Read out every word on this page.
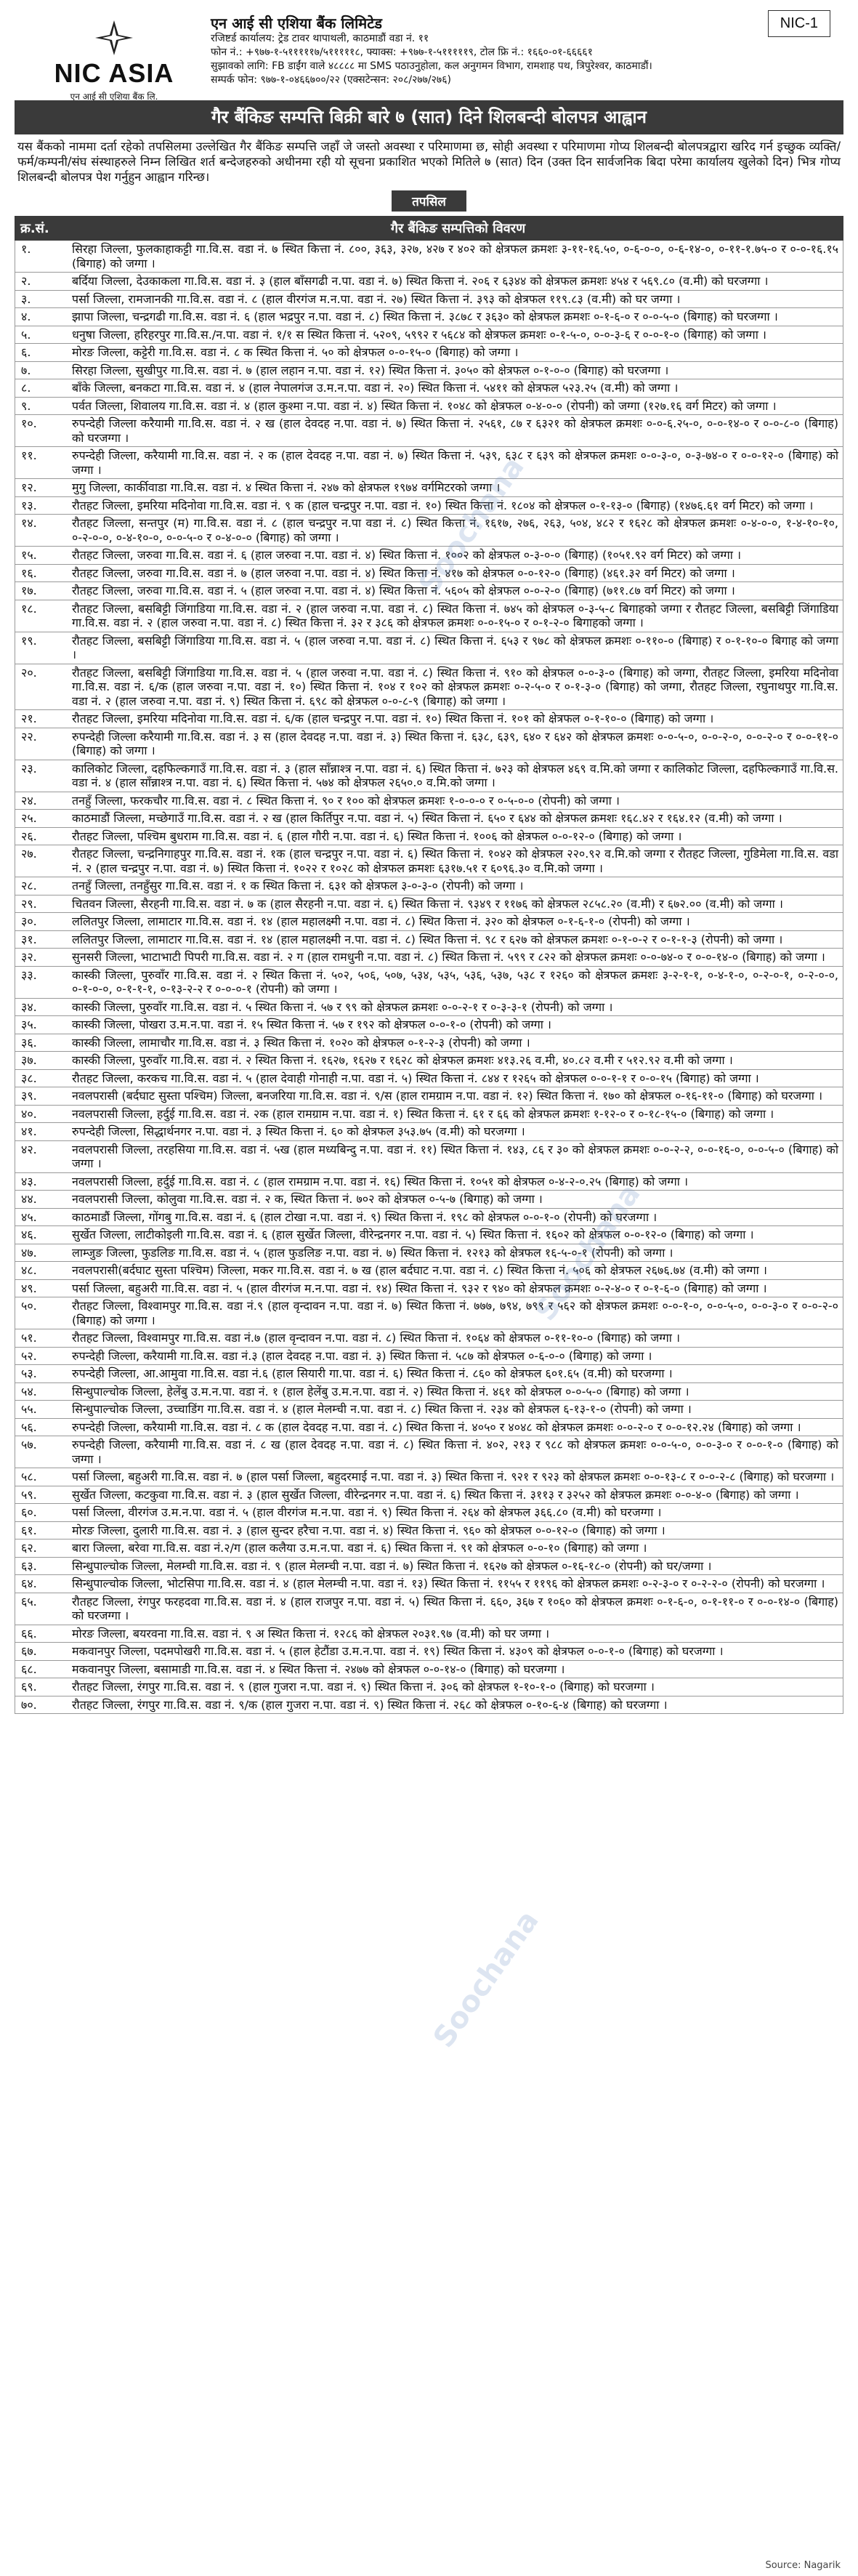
NIC ASIA
एन आई सी एशिया बैंक लि.
एन आई सी एशिया बैंक लिमिटेड
रजिष्टर्ड कार्यालय: ट्रेड टावर थापाथली, काठमाडौं वडा नं. ११
फोन नं.: +९७७-१-५१११११७/५१११११८, फ्याक्स: +९७७-१-५१११११९, टोल फ्रि नं.: १६६०-०१-६६६६१
सुझावको लागि: FB डाईंग वाले ४८८८८ मा SMS पठाउनुहोला, कल अनुगमन विभाग, रामशाह पथ, त्रिपुरेश्वर, काठमाडौं।
सम्पर्क फोन: ९७७-१-०४६६७००/२२ (एक्सटेन्सन: २०८/२७७/२७६)
NIC-1
गैर बैंकिङ सम्पत्ति बिक्री बारे ७ (सात) दिने शिलबन्दी बोलपत्र आह्वान
यस बैंकको नाममा दर्ता रहेको तपसिलमा उल्लेखित गैर बैंकिङ सम्पत्ति जहाँ जे जस्तो अवस्था र परिमाणमा छ, सोही अवस्था र परिमाणमा गोप्य शिलबन्दी बोलपत्रद्वारा खरिद गर्न इच्छुक व्यक्ति/फर्म/कम्पनी/संघ संस्थाहरुले निम्न लिखित शर्त बन्देजहरुको अधीनमा रही यो सूचना प्रकाशित भएको मितिले ७ (सात) दिन (उक्त दिन सार्वजनिक बिदा परेमा कार्यालय खुलेको दिन) भित्र गोप्य शिलबन्दी बोलपत्र पेश गर्नुहुन आह्वान गरिन्छ।
तपसिल
क्र.सं.	गैर बैंकिङ सम्पत्तिको विवरण
१.	सिरहा जिल्ला, फुलकाहाकट्टी गा.वि.स. वडा नं. ७ स्थित कित्ता नं. ८००, ३६३, ३२७, ४२७ र ४०२ को क्षेत्रफल क्रमशः ३-११-१६.५०, ०-६-०-०, ०-६-१४-०, ०-११-१.७५-० र ०-०-१६.१५ (बिगाह) को जग्गा ।
२.	बर्दिया जिल्ला, देउकाकला गा.वि.स. वडा नं. ३ (हाल बाँसगढी न.पा. वडा नं. ७) स्थित कित्ता नं. २०६ र ६३४४ को क्षेत्रफल क्रमशः ४५४ र ५६९.८० (व.मी) को घरजग्गा ।
३.	पर्सा जिल्ला, रामजानकी गा.वि.स. वडा नं. ८ (हाल वीरगंज म.न.पा. वडा नं. २७) स्थित कित्ता नं. ३९३ को क्षेत्रफल ११९.८३ (व.मी) को घर जग्गा ।
४.	झापा जिल्ला, चन्द्रगढी गा.वि.स. वडा नं. ६ (हाल भद्रपुर न.पा. वडा नं. ८) स्थित कित्ता नं. ३८७८ र ३६३० को क्षेत्रफल क्रमशः ०-१-६-० र ०-०-५-० (बिगाह) को घरजग्गा ।
५.	धनुषा जिल्ला, हरिहरपुर गा.वि.स./न.पा. वडा नं. १/१ स स्थित कित्ता नं. ५२०९, ५९९२ र ५६८४ को क्षेत्रफल क्रमशः ०-१-५-०, ०-०-३-६ र ०-०-१-० (बिगाह) को जग्गा ।
६.	मोरङ जिल्ला, कट्टेरी गा.वि.स. वडा नं. ८ क स्थित कित्ता नं. ५० को क्षेत्रफल ०-०-१५-० (बिगाह) को जग्गा ।
७.	सिरहा जिल्ला, सुखीपुर गा.वि.स. वडा नं. ७ (हाल लहान न.पा. वडा नं. १२) स्थित कित्ता नं. ३०५० को क्षेत्रफल ०-१-०-० (बिगाह) को घरजग्गा ।
८.	बाँके जिल्ला, बनकटा गा.वि.स. वडा नं. ४ (हाल नेपालगंज उ.म.न.पा. वडा नं. २०) स्थित कित्ता नं. ५४११ को क्षेत्रफल ५२३.२५ (व.मी) को जग्गा ।
९.	पर्वत जिल्ला, शिवालय गा.वि.स. वडा नं. ४ (हाल कुश्मा न.पा. वडा नं. ४) स्थित कित्ता नं. १०४८ को क्षेत्रफल ०-४-०-० (रोपनी) को जग्गा (१२७.१६ वर्ग मिटर) को जग्गा ।
१०.	रुपन्देही जिल्ला करैयामी गा.वि.स. वडा नं. २ ख (हाल देवदह न.पा. वडा नं. ७) स्थित कित्ता नं. २५६१, ८७ र ६३२१ को क्षेत्रफल क्रमशः ०-०-६.२५-०, ०-०-१४-० र ०-०-८-० (बिगाह) को घरजग्गा ।
११.	रुपन्देही जिल्ला, करैयामी गा.वि.स. वडा नं. २ क (हाल देवदह न.पा. वडा नं. ७) स्थित कित्ता नं. ५३९, ६३८ र ६३९ को क्षेत्रफल क्रमशः ०-०-३-०, ०-३-७४-० र ०-०-१२-० (बिगाह) को जग्गा ।
१२.	मुगु जिल्ला, कार्कीवाडा गा.वि.स. वडा नं. ४ स्थित कित्ता नं. २४७ को क्षेत्रफल १९७४ वर्गमिटरको जग्गा ।
१३.	रौतहट जिल्ला, इमरिया मदिनोवा गा.वि.स. वडा नं. ९ क (हाल चन्द्रपुर न.पा. वडा नं. १०) स्थित कित्ता नं. १८०४ को क्षेत्रफल ०-१-१३-० (बिगाह) (१४७६.६१ वर्ग मिटर) को जग्गा ।
१४.	रौतहट जिल्ला, सन्तपुर (म) गा.वि.स. वडा नं. ८ (हाल चन्द्रपुर न.पा वडा नं. ८) स्थित कित्ता नं. १६१७, २७६, २६३, ५०४, ४८२ र १६२८ को क्षेत्रफल क्रमशः ०-४-०-०, १-४-१०-१०, ०-२-०-०, ०-४-१०-०, ०-०-५-० र ०-४-०-० (बिगाह) को जग्गा ।
१५.	रौतहट जिल्ला, जरुवा गा.वि.स. वडा नं. ६ (हाल जरुवा न.पा. वडा नं. ४) स्थित कित्ता नं. १००२ को क्षेत्रफल ०-३-०-० (बिगाह) (१०५१.९२ वर्ग मिटर) को जग्गा ।
१६.	रौतहट जिल्ला, जरुवा गा.वि.स. वडा नं. ७ (हाल जरुवा न.पा. वडा नं. ४) स्थित कित्ता नं. ४१७ को क्षेत्रफल ०-०-१२-० (बिगाह) (४६१.३२ वर्ग मिटर) को जग्गा ।
१७.	रौतहट जिल्ला, जरुवा गा.वि.स. वडा नं. ५ (हाल जरुवा न.पा. वडा नं. ४) स्थित कित्ता नं. ५६०५ को क्षेत्रफल ०-०-२-० (बिगाह) (७११.८७ वर्ग मिटर) को जग्गा ।
१८.	रौतहट जिल्ला, बसबिट्टी जिंगाडिया गा.वि.स. वडा नं. २ (हाल जरुवा न.पा. वडा नं. ८) स्थित कित्ता नं. ७४५ को क्षेत्रफल ०-३-५-८ बिगाहको जग्गा र रौतहट जिल्ला, बसबिट्टी जिंगाडिया गा.वि.स. वडा नं. २ (हाल जरुवा न.पा. वडा नं. ८) स्थित कित्ता नं. ३२ र ३८६ को क्षेत्रफल क्रमशः ०-०-१५-० र ०-१-२-० बिगाहको जग्गा ।
१९.	रौतहट जिल्ला, बसबिट्टी जिंगाडिया गा.वि.स. वडा नं. ५ (हाल जरुवा न.पा. वडा नं. ८) स्थित कित्ता नं. ६५३ र ९७८ को क्षेत्रफल क्रमशः ०-११०-० (बिगाह) र ०-१-१०-० बिगाह को जग्गा ।
२०.	रौतहट जिल्ला, बसबिट्टी जिंगाडिया गा.वि.स. वडा नं. ५ (हाल जरुवा न.पा. वडा नं. ८) स्थित कित्ता नं. ९१० को क्षेत्रफल ०-०-३-० (बिगाह) को जग्गा, रौतहट जिल्ला, इमरिया मदिनोवा गा.वि.स. वडा नं. ६/क (हाल जरुवा न.पा. वडा नं. १०) स्थित कित्ता नं. १०४ र १०२ को क्षेत्रफल क्रमशः ०-२-५-० र ०-१-३-० (बिगाह) को जग्गा, रौतहट जिल्ला, रघुनाथपुर गा.वि.स. वडा नं. २ (हाल जरुवा न.पा. वडा नं. ९) स्थित कित्ता नं. ६९८ को क्षेत्रफल ०-०-८-९ (बिगाह) को जग्गा ।
२१.	रौतहट जिल्ला, इमरिया मदिनोवा गा.वि.स. वडा नं. ६/क (हाल चन्द्रपुर न.पा. वडा नं. १०) स्थित कित्ता नं. १०१ को क्षेत्रफल ०-१-१०-० (बिगाह) को जग्गा ।
२२.	रुपन्देही जिल्ला करैयामी गा.वि.स. वडा नं. ३ स (हाल देवदह न.पा. वडा नं. ३) स्थित कित्ता नं. ६३८, ६३९, ६४० र ६४२ को क्षेत्रफल क्रमशः ०-०-५-०, ०-०-२-०, ०-०-२-० र ०-०-११-० (बिगाह) को जग्गा ।
२३.	कालिकोट जिल्ला, दहफिल्कगाउँ गा.वि.स. वडा नं. ३ (हाल साँन्नाश्त्र न.पा. वडा नं. ६) स्थित कित्ता नं. ७२३ को क्षेत्रफल ४६९ व.मि.को जग्गा र कालिकोट जिल्ला, दहफिल्कगाउँ गा.वि.स. वडा नं. ४ (हाल साँन्नाश्त्र न.पा. वडा नं. ६) स्थित कित्ता नं. ५७४ को क्षेत्रफल २६५०.० व.मि.को जग्गा ।
२४.	तनहुँ जिल्ला, फरकचौर गा.वि.स. वडा नं. ८ स्थित कित्ता नं. ९० र १०० को क्षेत्रफल क्रमशः १-०-०-० र ०-५-०-० (रोपनी) को जग्गा ।
२५.	काठमाडौं जिल्ला, मच्छेगाउँ गा.वि.स. वडा नं. २ ख (हाल किर्तिपुर न.पा. वडा नं. ५) स्थित कित्ता नं. ६५० र ६४४ को क्षेत्रफल क्रमशः १६८.४२ र १६४.१२ (व.मी) को जग्गा ।
२६.	रौतहट जिल्ला, पश्चिम बुधराम गा.वि.स. वडा नं. ६ (हाल गौरी न.पा. वडा नं. ६) स्थित कित्ता नं. १००६ को क्षेत्रफल ०-०-१२-० (बिगाह) को जग्गा ।
२७.	रौतहट जिल्ला, चन्द्रनिगाहपुर गा.वि.स. वडा नं. १क (हाल चन्द्रपुर न.पा. वडा नं. ६) स्थित कित्ता नं. १०४२ को क्षेत्रफल २२०.९२ व.मि.को जग्गा र रौतहट जिल्ला, गुडिमेला गा.वि.स. वडा नं. २ (हाल चन्द्रपुर न.पा. वडा नं. ७) स्थित कित्ता नं. १०२२ र १०२८ को क्षेत्रफल क्रमशः ६३१७.५१ र ६०९६.३० व.मि.को जग्गा ।
२८.	तनहुँ जिल्ला, तनहुँसुर गा.वि.स. वडा नं. १ क स्थित कित्ता नं. ६३१ को क्षेत्रफल ३-०-३-० (रोपनी) को जग्गा ।
२९.	चितवन जिल्ला, सैरहनी गा.वि.स. वडा नं. ७ क (हाल सैरहनी न.पा. वडा नं. ६) स्थित कित्ता नं. ९३४९ र ११७६ को क्षेत्रफल २८५८.२० (व.मी) र ६७२.०० (व.मी) को जग्गा ।
३०.	ललितपुर जिल्ला, लामाटार गा.वि.स. वडा नं. १४ (हाल महालक्ष्मी न.पा. वडा नं. ८) स्थित कित्ता नं. ३२० को क्षेत्रफल ०-१-६-१-० (रोपनी) को जग्गा ।
३१.	ललितपुर जिल्ला, लामाटार गा.वि.स. वडा नं. १४ (हाल महालक्ष्मी न.पा. वडा नं. ८) स्थित कित्ता नं. ९८ र ६२७ को क्षेत्रफल क्रमशः ०-१-०-२ र ०-१-१-३ (रोपनी) को जग्गा ।
३२.	सुनसरी जिल्ला, भाटाभाटी पिपरी गा.वि.स. वडा नं. २ ग (हाल रामधुनी न.पा. वडा नं. ८) स्थित कित्ता नं. ५९९ र ८२२ को क्षेत्रफल क्रमशः ०-०-७४-० र ०-०-१४-० (बिगाह) को जग्गा ।
३३.	कास्की जिल्ला, पुरुवाँर गा.वि.स. वडा नं. २ स्थित कित्ता नं. ५०२, ५०६, ५०७, ५३४, ५३५, ५३६, ५३७, ५३८ र १२६० को क्षेत्रफल क्रमशः ३-२-१-१, ०-४-१-०, ०-२-०-१, ०-२-०-०, ०-१-०-०, ०-१-१-१, ०-१३-२-२ र ०-०-०-१ (रोपनी) को जग्गा ।
३४.	कास्की जिल्ला, पुरुवाँर गा.वि.स. वडा नं. ५ स्थित कित्ता नं. ५७ र ९९ को क्षेत्रफल क्रमशः ०-०-२-१ र ०-३-३-१ (रोपनी) को जग्गा ।
३५.	कास्की जिल्ला, पोखरा उ.म.न.पा. वडा नं. १५ स्थित कित्ता नं. ५७ र १९२ को क्षेत्रफल ०-०-१-० (रोपनी) को जग्गा ।
३६.	कास्की जिल्ला, लामाचौर गा.वि.स. वडा नं. ३ स्थित कित्ता नं. १०२० को क्षेत्रफल ०-१-२-३ (रोपनी) को जग्गा ।
३७.	कास्की जिल्ला, पुरुवाँर गा.वि.स. वडा नं. २ स्थित कित्ता नं. १६२७, १६२७ र १६२८ को क्षेत्रफल क्रमशः ४१३.२६ व.मी, ४०.८२ व.मी र ५१२.९२ व.मी को जग्गा ।
३८.	रौतहट जिल्ला, करकच गा.वि.स. वडा नं. ५ (हाल देवाही गोनाही न.पा. वडा नं. ५) स्थित कित्ता नं. ८४४ र १२६५ को क्षेत्रफल ०-०-१-१ र ०-०-१५ (बिगाह) को जग्गा ।
३९.	नवलपरासी (बर्दघाट सुस्ता पश्चिम) जिल्ला, बनजरिया गा.वि.स. वडा नं. ९/स (हाल रामग्राम न.पा. वडा नं. १२) स्थित कित्ता नं. १७० को क्षेत्रफल ०-१६-११-० (बिगाह) को घरजग्गा ।
४०.	नवलपरासी जिल्ला, हर्दुई गा.वि.स. वडा नं. २क (हाल रामग्राम न.पा. वडा नं. १) स्थित कित्ता नं. ६१ र ६६ को क्षेत्रफल क्रमशः १-१२-० र ०-१८-१५-० (बिगाह) को जग्गा ।
४१.	रुपन्देही जिल्ला, सिद्धार्थनगर न.पा. वडा नं. ३ स्थित कित्ता नं. ६० को क्षेत्रफल ३५३.७५ (व.मी) को घरजग्गा ।
४२.	नवलपरासी जिल्ला, तरहसिया गा.वि.स. वडा नं. ५ख (हाल मध्यबिन्दु न.पा. वडा नं. ११) स्थित कित्ता नं. १४३, ८६ र ३० को क्षेत्रफल क्रमशः ०-०-२-२, ०-०-१६-०, ०-०-५-० (बिगाह) को जग्गा ।
४३.	नवलपरासी जिल्ला, हर्दुई गा.वि.स. वडा नं. ८ (हाल रामग्राम न.पा. वडा नं. १६) स्थित कित्ता नं. १०५१ को क्षेत्रफल ०-४-२-०.२५ (बिगाह) को जग्गा ।
४४.	नवलपरासी जिल्ला, कोलुवा गा.वि.स. वडा नं. २ क, स्थित कित्ता नं. ७०२ को क्षेत्रफल ०-५-७ (बिगाह) को जग्गा ।
४५.	काठमाडौं जिल्ला, गोंगबु गा.वि.स. वडा नं. ६ (हाल टोखा न.पा. वडा नं. ९) स्थित कित्ता नं. १९८ को क्षेत्रफल ०-०-१-० (रोपनी) को घरजग्गा ।
४६.	सुर्खेत जिल्ला, लाटीकोइली गा.वि.स. वडा नं. ६ (हाल सुर्खेत जिल्ला, वीरेन्द्रनगर न.पा. वडा नं. ५) स्थित कित्ता नं. १६०२ को क्षेत्रफल ०-०-१२-० (बिगाह) को जग्गा ।
४७.	लाम्जुङ जिल्ला, फुडलिङ गा.वि.स. वडा नं. ५ (हाल फुडलिङ न.पा. वडा नं. ७) स्थित कित्ता नं. १२१३ को क्षेत्रफल १६-५-०-१ (रोपनी) को जग्गा ।
४८.	नवलपरासी(बर्दघाट सुस्ता पश्चिम) जिल्ला, मकर गा.वि.स. वडा नं. ७ ख (हाल बर्दघाट न.पा. वडा नं. ८) स्थित कित्ता नं. ५०६ को क्षेत्रफल २६७६.७४ (व.मी) को जग्गा ।
४९.	पर्सा जिल्ला, बहुअरी गा.वि.स. वडा नं. ५ (हाल वीरगंज म.न.पा. वडा नं. १४) स्थित कित्ता नं. ९३२ र ९४० को क्षेत्रफल क्रमशः ०-२-४-० र ०-१-६-० (बिगाह) को जग्गा ।
५०.	रौतहट जिल्ला, विश्वामपुर गा.वि.स. वडा नं.९ (हाल वृन्दावन न.पा. वडा नं. ७) स्थित कित्ता नं. ७७७, ७९४, ७९९ र ५६२ को क्षेत्रफल क्रमशः ०-०-१-०, ०-०-५-०, ०-०-३-० र ०-०-२-० (बिगाह) को जग्गा ।
५१.	रौतहट जिल्ला, विश्वामपुर गा.वि.स. वडा नं.७ (हाल वृन्दावन न.पा. वडा नं. ८) स्थित कित्ता नं. १०६४ को क्षेत्रफल ०-११-१०-० (बिगाह) को जग्गा ।
५२.	रुपन्देही जिल्ला, करैयामी गा.वि.स. वडा नं.३ (हाल देवदह न.पा. वडा नं. ३) स्थित कित्ता नं. ५८७ को क्षेत्रफल ०-६-०-० (बिगाह) को जग्गा ।
५३.	रुपन्देही जिल्ला, आ.आमुवा गा.वि.स. वडा नं.६ (हाल सियारी गा.पा. वडा नं. ६) स्थित कित्ता नं. ८६० को क्षेत्रफल ६०१.६५ (व.मी) को घरजग्गा ।
५४.	सिन्धुपाल्चोक जिल्ला, हेलेंबु उ.म.न.पा. वडा नं. १ (हाल हेलेंबु उ.म.न.पा. वडा नं. २) स्थित कित्ता नं. ४६१ को क्षेत्रफल ०-०-५-० (बिगाह) को जग्गा ।
५५.	सिन्धुपाल्चोक जिल्ला, उच्चाडिंग गा.वि.स. वडा नं. ४ (हाल मेलम्ची न.पा. वडा नं. ८) स्थित कित्ता नं. २३४ को क्षेत्रफल ६-१३-१-० (रोपनी) को जग्गा ।
५६.	रुपन्देही जिल्ला, करैयामी गा.वि.स. वडा नं. ८ क (हाल देवदह न.पा. वडा नं. ८) स्थित कित्ता नं. ४०५० र ४०४८ को क्षेत्रफल क्रमशः ०-०-२-० र ०-०-१२.२४ (बिगाह) को जग्गा ।
५७.	रुपन्देही जिल्ला, करैयामी गा.वि.स. वडा नं. ८ ख (हाल देवदह न.पा. वडा नं. ८) स्थित कित्ता नं. ४०२, २१३ र ९८८ को क्षेत्रफल क्रमशः ०-०-५-०, ०-०-३-० र ०-०-१-० (बिगाह) को जग्गा ।
५८.	पर्सा जिल्ला, बहुअरी गा.वि.स. वडा नं. ७ (हाल पर्सा जिल्ला, बहुदरमाई न.पा. वडा नं. ३) स्थित कित्ता नं. ९२१ र ९२३ को क्षेत्रफल क्रमशः ०-०-१३-८ र ०-०-२-८ (बिगाह) को घरजग्गा ।
५९.	सुर्खेत जिल्ला, कटकुवा गा.वि.स. वडा नं. ३ (हाल सुर्खेत जिल्ला, वीरेन्द्रनगर न.पा. वडा नं. ६) स्थित कित्ता नं. ३११३ र ३२५२ को क्षेत्रफल क्रमशः ०-०-४-० (बिगाह) को जग्गा ।
६०.	पर्सा जिल्ला, वीरगंज उ.म.न.पा. वडा नं. ५ (हाल वीरगंज म.न.पा. वडा नं. ९) स्थित कित्ता नं. २६४ को क्षेत्रफल ३६६.८० (व.मी) को घरजग्गा ।
६१.	मोरङ जिल्ला, दुलारी गा.वि.स. वडा नं. ३ (हाल सुन्दर हरैचा न.पा. वडा नं. ४) स्थित कित्ता नं. ९६० को क्षेत्रफल ०-०-१२-० (बिगाह) को जग्गा ।
६२.	बारा जिल्ला, बरेवा गा.वि.स. वडा नं.२/ग (हाल कलैया उ.म.न.पा. वडा नं. ६) स्थित कित्ता नं. ९१ को क्षेत्रफल ०-०-१० (बिगाह) को जग्गा ।
६३.	सिन्धुपाल्चोक जिल्ला, मेलम्ची गा.वि.स. वडा नं. ९ (हाल मेलम्ची न.पा. वडा नं. ७) स्थित कित्ता नं. १६२७ को क्षेत्रफल ०-१६-१८-० (रोपनी) को घर/जग्गा ।
६४.	सिन्धुपाल्चोक जिल्ला, भोटसिपा गा.वि.स. वडा नं. ४ (हाल मेलम्ची न.पा. वडा नं. १३) स्थित कित्ता नं. ११५५ र ११९६ को क्षेत्रफल क्रमशः ०-२-३-० र ०-२-२-० (रोपनी) को घरजग्गा ।
६५.	रौतहट जिल्ला, रंगपुर फरहदवा गा.वि.स. वडा नं. ४ (हाल राजपुर न.पा. वडा नं. ५) स्थित कित्ता नं. ६६०, ३६७ र १०६० को क्षेत्रफल क्रमशः ०-१-६-०, ०-१-११-० र ०-०-१४-० (बिगाह) को घरजग्गा ।
६६.	मोरङ जिल्ला, बयरवना गा.वि.स. वडा नं. ९ अ स्थित कित्ता नं. १२८६ को क्षेत्रफल २०३१.९७ (व.मी) को घर जग्गा ।
६७.	मकवानपुर जिल्ला, पदमपोखरी गा.वि.स. वडा नं. ५ (हाल हेटौंडा उ.म.न.पा. वडा नं. १९) स्थित कित्ता नं. ४३०९ को क्षेत्रफल ०-०-१-० (बिगाह) को घरजग्गा ।
६८.	मकवानपुर जिल्ला, बसामाडी गा.वि.स. वडा नं. ४ स्थित कित्ता नं. २४७७ को क्षेत्रफल ०-०-१४-० (बिगाह) को घरजग्गा ।
६९.	रौतहट जिल्ला, रंगपुर गा.वि.स. वडा नं. ९ (हाल गुजरा न.पा. वडा नं. ९) स्थित कित्ता नं. ३०६ को क्षेत्रफल १-१०-१-० (बिगाह) को घरजग्गा ।
७०.	रौतहट जिल्ला, रंगपुर गा.वि.स. वडा नं. ९/क (हाल गुजरा न.पा. वडा नं. ९) स्थित कित्ता नं. २६८ को क्षेत्रफल ०-१०-६-४ (बिगाह) को घरजग्गा ।
Soochana
Soochana
Soochana
Source: Nagarik
